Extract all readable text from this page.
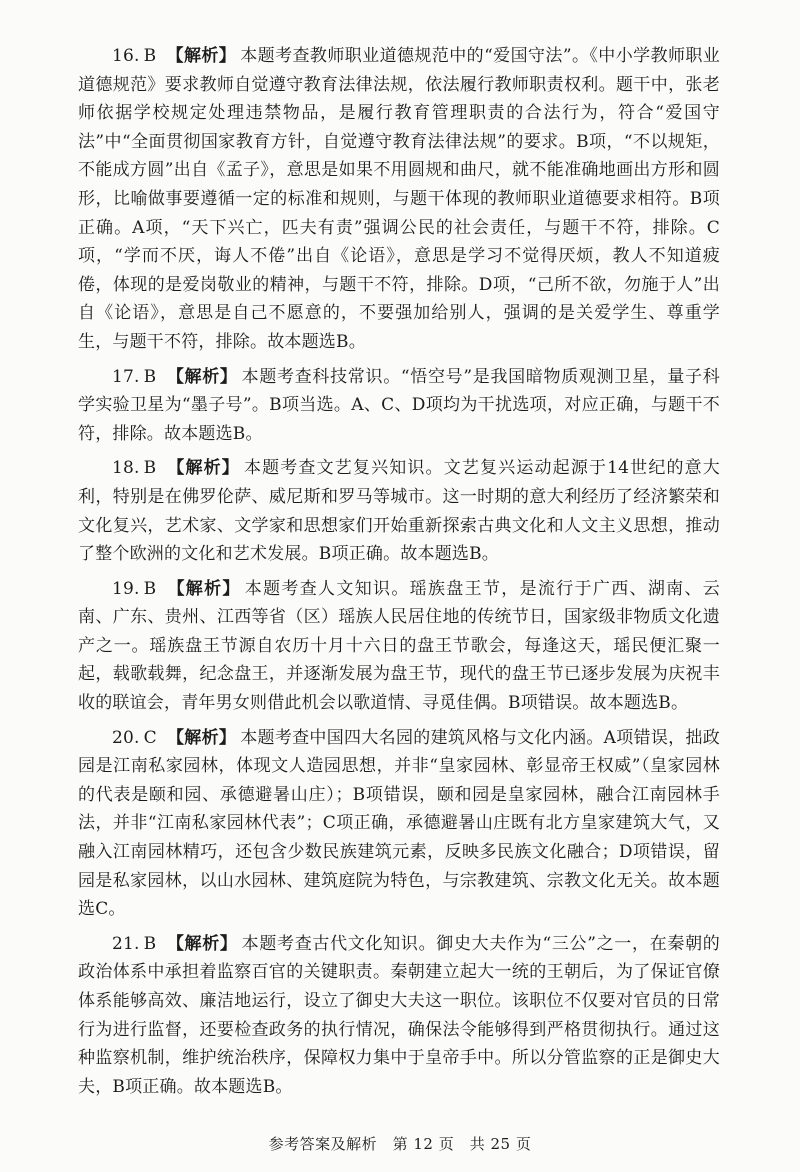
16. B 【解析】 本题考查教师职业道德规范中的“爱国守法”。《中小学教师职业道德规范》要求教师自觉遵守教育法律法规，依法履行教师职责权利。题干中，张老师依据学校规定处理违禁物品，是履行教育管理职责的合法行为，符合“爱国守法”中“全面贯彻国家教育方针，自觉遵守教育法律法规”的要求。B项，“不以规矩，不能成方圆”出自《孟子》，意思是如果不用圆规和曲尺，就不能准确地画出方形和圆形，比喻做事要遵循一定的标准和规则，与题干体现的教师职业道德要求相符。B项正确。A项，“天下兴亡，匹夫有责”强调公民的社会责任，与题干不符，排除。C项，“学而不厌，诲人不倦”出自《论语》，意思是学习不觉得厌烦，教人不知道疲倦，体现的是爱岗敬业的精神，与题干不符，排除。D项，“己所不欲，勿施于人”出自《论语》，意思是自己不愿意的，不要强加给别人，强调的是关爱学生、尊重学生，与题干不符，排除。故本题选B。

17. B 【解析】 本题考查科技常识。“悟空号”是我国暗物质观测卫星，量子科学实验卫星为“墨子号”。B项当选。A、C、D项均为干扰选项，对应正确，与题干不符，排除。故本题选B。

18. B 【解析】 本题考查文艺复兴知识。文艺复兴运动起源于14世纪的意大利，特别是在佛罗伦萨、威尼斯和罗马等城市。这一时期的意大利经历了经济繁荣和文化复兴，艺术家、文学家和思想家们开始重新探索古典文化和人文主义思想，推动了整个欧洲的文化和艺术发展。B项正确。故本题选B。

19. B 【解析】 本题考查人文知识。瑶族盘王节，是流行于广西、湖南、云南、广东、贵州、江西等省（区）瑶族人民居住地的传统节日，国家级非物质文化遗产之一。瑶族盘王节源自农历十月十六日的盘王节歌会，每逢这天，瑶民便汇聚一起，载歌载舞，纪念盘王，并逐渐发展为盘王节，现代的盘王节已逐步发展为庆祝丰收的联谊会，青年男女则借此机会以歌道情、寻觅佳偶。B项错误。故本题选B。

20. C 【解析】 本题考查中国四大名园的建筑风格与文化内涵。A项错误，拙政园是江南私家园林，体现文人造园思想，并非“皇家园林、彰显帝王权威”（皇家园林的代表是颐和园、承德避暑山庄）；B项错误，颐和园是皇家园林，融合江南园林手法，并非“江南私家园林代表”；C项正确，承德避暑山庄既有北方皇家建筑大气，又融入江南园林精巧，还包含少数民族建筑元素，反映多民族文化融合；D项错误，留园是私家园林，以山水园林、建筑庭院为特色，与宗教建筑、宗教文化无关。故本题选C。

21. B 【解析】 本题考查古代文化知识。御史大夫作为“三公”之一，在秦朝的政治体系中承担着监察百官的关键职责。秦朝建立起大一统的王朝后，为了保证官僚体系能够高效、廉洁地运行，设立了御史大夫这一职位。该职位不仅要对官员的日常行为进行监督，还要检查政务的执行情况，确保法令能够得到严格贯彻执行。通过这种监察机制，维护统治秩序，保障权力集中于皇帝手中。所以分管监察的正是御史大夫，B项正确。故本题选B。

参考答案及解析　第 12 页　共 25 页
